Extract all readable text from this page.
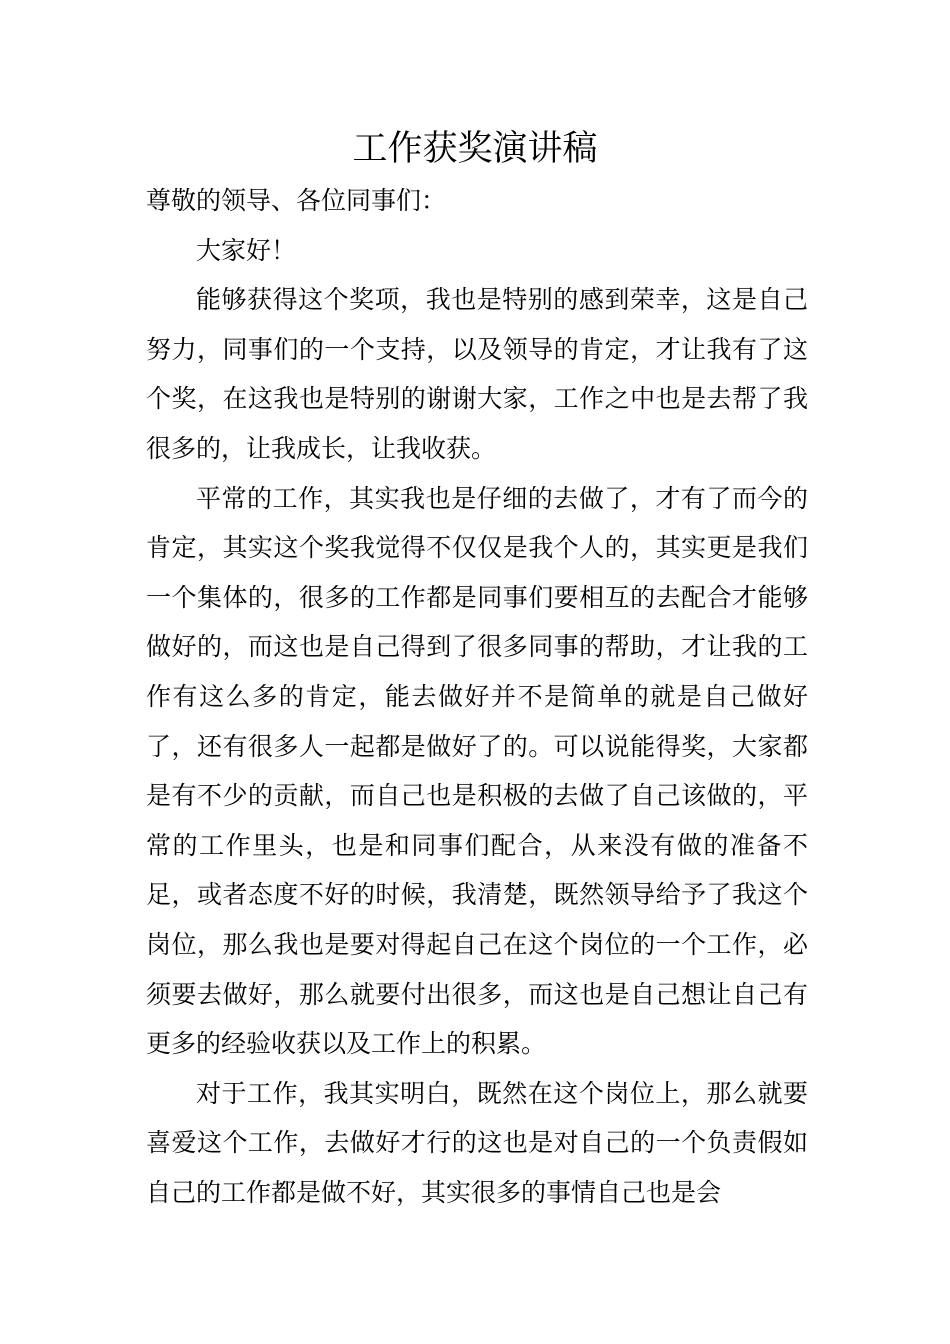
工作获奖演讲稿

尊敬的领导、各位同事们：

大家好！

能够获得这个奖项，我也是特别的感到荣幸，这是自己努力，同事们的一个支持，以及领导的肯定，才让我有了这个奖，在这我也是特别的谢谢大家，工作之中也是去帮了我很多的，让我成长，让我收获。

平常的工作，其实我也是仔细的去做了，才有了而今的肯定，其实这个奖我觉得不仅仅是我个人的，其实更是我们一个集体的，很多的工作都是同事们要相互的去配合才能够做好的，而这也是自己得到了很多同事的帮助，才让我的工作有这么多的肯定，能去做好并不是简单的就是自己做好了，还有很多人一起都是做好了的。可以说能得奖，大家都是有不少的贡献，而自己也是积极的去做了自己该做的，平常的工作里头，也是和同事们配合，从来没有做的准备不足，或者态度不好的时候，我清楚，既然领导给予了我这个岗位，那么我也是要对得起自己在这个岗位的一个工作，必须要去做好，那么就要付出很多，而这也是自己想让自己有更多的经验收获以及工作上的积累。

对于工作，我其实明白，既然在这个岗位上，那么就要喜爱这个工作，去做好才行的这也是对自己的一个负责假如自己的工作都是做不好，其实很多的事情自己也是会
